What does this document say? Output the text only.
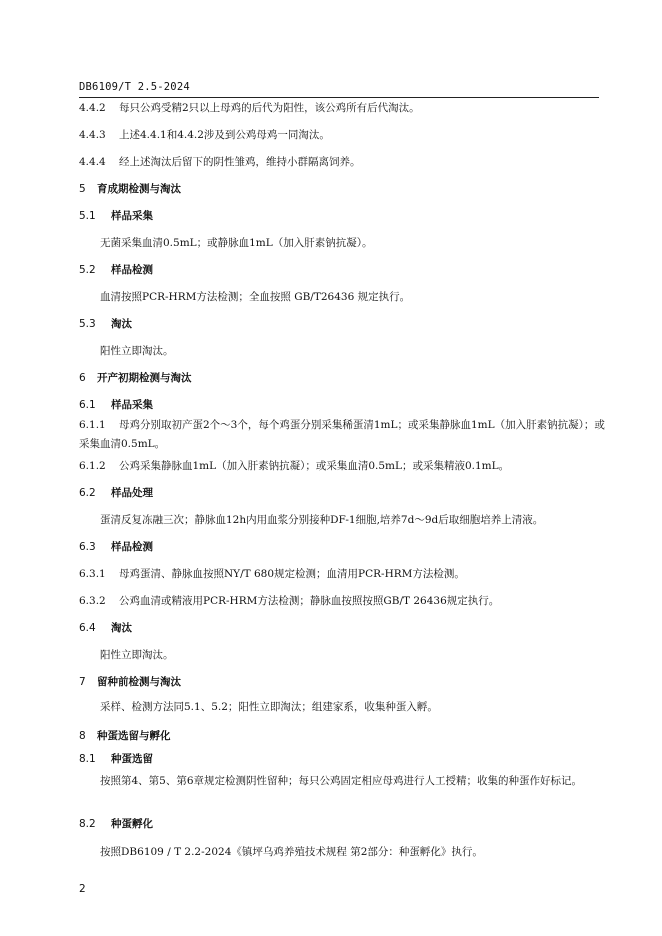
DB6109/T 2.5-2024
4.4.2 每只公鸡受精2只以上母鸡的后代为阳性，该公鸡所有后代淘汰。
4.4.3 上述4.4.1和4.4.2涉及到公鸡母鸡一同淘汰。
4.4.4 经上述淘汰后留下的阴性雏鸡，维持小群隔离饲养。
5 育成期检测与淘汰
5.1 样品采集
无菌采集血清0.5mL；或静脉血1mL（加入肝素钠抗凝）。
5.2 样品检测
血清按照PCR-HRM方法检测；全血按照 GB/T26436 规定执行。
5.3 淘汰
阳性立即淘汰。
6 开产初期检测与淘汰
6.1 样品采集
6.1.1 母鸡分别取初产蛋2个～3个，每个鸡蛋分别采集稀蛋清1mL；或采集静脉血1mL（加入肝素钠抗凝）；或采集血清0.5mL。
6.1.2 公鸡采集静脉血1mL（加入肝素钠抗凝）；或采集血清0.5mL；或采集精液0.1mL。
6.2 样品处理
蛋清反复冻融三次；静脉血12h内用血浆分别接种DF-1细胞,培养7d～9d后取细胞培养上清液。
6.3 样品检测
6.3.1 母鸡蛋清、静脉血按照NY/T 680规定检测；血清用PCR-HRM方法检测。
6.3.2 公鸡血清或精液用PCR-HRM方法检测；静脉血按照按照GB/T 26436规定执行。
6.4 淘汰
阳性立即淘汰。
7 留种前检测与淘汰
采样、检测方法同5.1、5.2；阳性立即淘汰；组建家系，收集种蛋入孵。
8 种蛋选留与孵化
8.1 种蛋选留
按照第4、第5、第6章规定检测阴性留种；每只公鸡固定相应母鸡进行人工授精；收集的种蛋作好标记。
8.2 种蛋孵化
按照DB6109 / T 2.2-2024《镇坪乌鸡养殖技术规程 第2部分：种蛋孵化》执行。
2
